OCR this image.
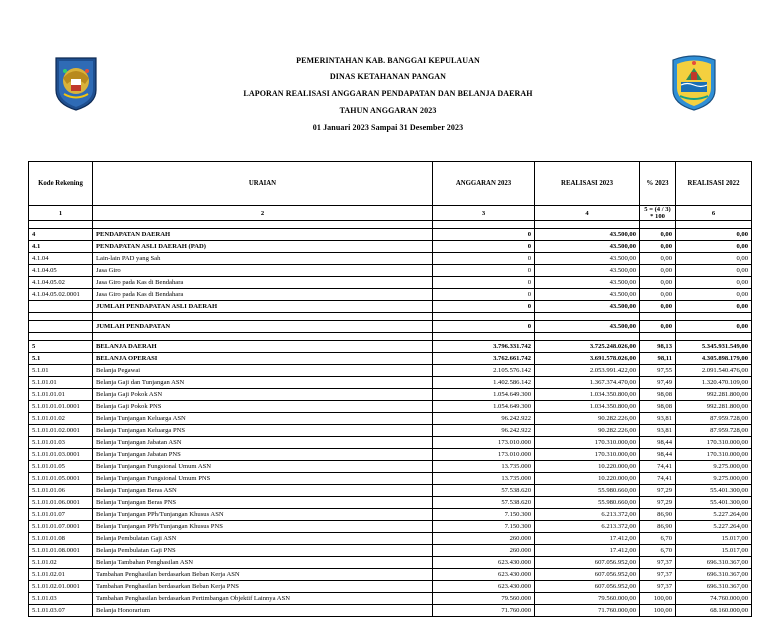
PEMERINTAHAN KAB. BANGGAI KEPULAUAN
DINAS KETAHANAN PANGAN
LAPORAN REALISASI ANGGARAN PENDAPATAN DAN BELANJA DAERAH
TAHUN ANGGARAN 2023
01 Januari 2023 Sampai 31 Desember 2023
Kode Rekening	URAIAN	ANGGARAN 2023	REALISASI 2023	% 2023	REALISASI 2022
1	2	3	4	5 = (4 / 3) * 100	6

4	PENDAPATAN DAERAH	0	43.500,00	0,00	0,00
4.1	PENDAPATAN ASLI DAERAH (PAD)	0	43.500,00	0,00	0,00
4.1.04	Lain-lain PAD yang Sah	0	43.500,00	0,00	0,00
4.1.04.05	Jasa Giro	0	43.500,00	0,00	0,00
4.1.04.05.02	Jasa Giro pada Kas di Bendahara	0	43.500,00	0,00	0,00
4.1.04.05.02.0001	Jasa Giro pada Kas di Bendahara	0	43.500,00	0,00	0,00
	JUMLAH PENDAPATAN ASLI DAERAH	0	43.500,00	0,00	0,00

	JUMLAH PENDAPATAN	0	43.500,00	0,00	0,00

5	BELANJA DAERAH	3.796.331.742	3.725.248.026,00	98,13	5.345.931.549,00
5.1	BELANJA OPERASI	3.762.661.742	3.691.578.026,00	98,11	4.305.898.179,00
5.1.01	Belanja Pegawai	2.105.576.142	2.053.991.422,00	97,55	2.091.540.476,00
5.1.01.01	Belanja Gaji dan Tunjangan ASN	1.402.586.142	1.367.374.470,00	97,49	1.320.470.109,00
5.1.01.01.01	Belanja Gaji Pokok ASN	1.054.649.300	1.034.350.800,00	98,08	992.281.800,00
5.1.01.01.01.0001	Belanja Gaji Pokok PNS	1.054.649.300	1.034.350.800,00	98,08	992.281.800,00
5.1.01.01.02	Belanja Tunjangan Keluarga ASN	96.242.922	90.282.226,00	93,81	87.959.728,00
5.1.01.01.02.0001	Belanja Tunjangan Keluarga PNS	96.242.922	90.282.226,00	93,81	87.959.728,00
5.1.01.01.03	Belanja Tunjangan Jabatan ASN	173.010.000	170.310.000,00	98,44	170.310.000,00
5.1.01.01.03.0001	Belanja Tunjangan Jabatan PNS	173.010.000	170.310.000,00	98,44	170.310.000,00
5.1.01.01.05	Belanja Tunjangan Fungsional Umum ASN	13.735.000	10.220.000,00	74,41	9.275.000,00
5.1.01.01.05.0001	Belanja Tunjangan Fungsional Umum PNS	13.735.000	10.220.000,00	74,41	9.275.000,00
5.1.01.01.06	Belanja Tunjangan Beras ASN	57.538.620	55.980.660,00	97,29	55.401.300,00
5.1.01.01.06.0001	Belanja Tunjangan Beras PNS	57.538.620	55.980.660,00	97,29	55.401.300,00
5.1.01.01.07	Belanja Tunjangan PPh/Tunjangan Khusus ASN	7.150.300	6.213.372,00	86,90	5.227.264,00
5.1.01.01.07.0001	Belanja Tunjangan PPh/Tunjangan Khusus PNS	7.150.300	6.213.372,00	86,90	5.227.264,00
5.1.01.01.08	Belanja Pembulatan Gaji ASN	260.000	17.412,00	6,70	15.017,00
5.1.01.01.08.0001	Belanja Pembulatan Gaji PNS	260.000	17.412,00	6,70	15.017,00
5.1.01.02	Belanja Tambahan Penghasilan ASN	623.430.000	607.056.952,00	97,37	696.310.367,00
5.1.01.02.01	Tambahan Penghasilan berdasarkan Beban Kerja ASN	623.430.000	607.056.952,00	97,37	696.310.367,00
5.1.01.02.01.0001	Tambahan Penghasilan berdasarkan Beban Kerja PNS	623.430.000	607.056.952,00	97,37	696.310.367,00
5.1.01.03	Tambahan Penghasilan berdasarkan Pertimbangan Objektif Lainnya ASN	79.560.000	79.560.000,00	100,00	74.760.000,00
5.1.01.03.07	Belanja Honorarium	71.760.000	71.760.000,00	100,00	68.160.000,00
